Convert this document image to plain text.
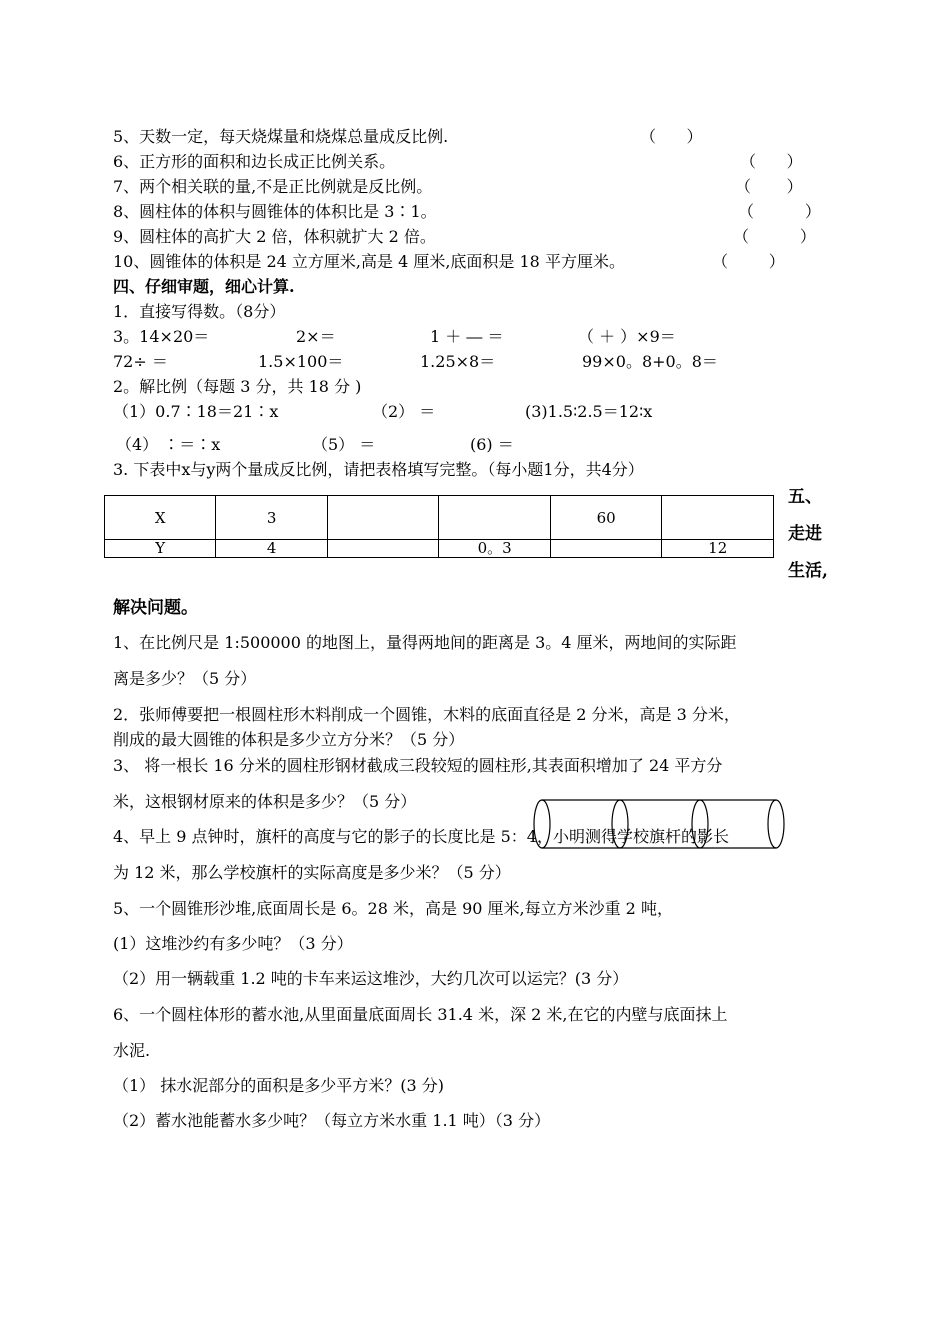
5、天数一定，每天烧煤量和烧煤总量成反比例.	（      ）
6、正方形的面积和边长成正比例关系。	（      ）
7、两个相关联的量,不是正比例就是反比例。	（       ）
8、圆柱体的体积与圆锥体的体积比是 3∶1。	（          ）
9、圆柱体的高扩大 2 倍，体积就扩大 2 倍。	（          ）
10、圆锥体的体积是 24 立方厘米,高是 4 厘米,底面积是 18 平方厘米。	（        ）
四、仔细审题，细心计算.
1．直接写得数。（8分）
3。14×20＝	2×＝	1 ＋ ― ＝	（ ＋ ）×9＝
72÷ ＝	1.5×100＝	1.25×8＝	99×0。8+0。8＝
2。解比例（每题 3 分，共 18 分 )
（1）0.7∶18＝21∶x	（2） ＝	(3)1.5∶2.5＝12∶x
（4） ∶＝∶x	（5） ＝	(6) ＝
3. 下表中x与y两个量成反比例，请把表格填写完整。（每小题1分，共4分）
X	3			60	
Y	4		0。3		12
五、
走进
生活,
解决问题。
1、在比例尺是 1:500000 的地图上，量得两地间的距离是 3。4 厘米，两地间的实际距
离是多少？（5 分）
2．张师傅要把一根圆柱形木料削成一个圆锥，木料的底面直径是 2 分米，高是 3 分米，
削成的最大圆锥的体积是多少立方分米？（5 分）
3、 将一根长 16 分米的圆柱形钢材截成三段较短的圆柱形,其表面积增加了 24 平方分
米，这根钢材原来的体积是多少？（5 分）
4、早上 9 点钟时，旗杆的高度与它的影子的长度比是 5：4，小明测得学校旗杆的影长
为 12 米，那么学校旗杆的实际高度是多少米？（5 分）
5、一个圆锥形沙堆,底面周长是 6。28 米，高是 90 厘米,每立方米沙重 2 吨，
(1）这堆沙约有多少吨？（3 分）
（2）用一辆载重 1.2 吨的卡车来运这堆沙，大约几次可以运完？(3 分）
6、一个圆柱体形的蓄水池,从里面量底面周长 31.4 米，深 2 米,在它的内壁与底面抹上
水泥.
（1） 抹水泥部分的面积是多少平方米？(3 分)
（2）蓄水池能蓄水多少吨？（每立方米水重 1.1 吨）（3 分）
